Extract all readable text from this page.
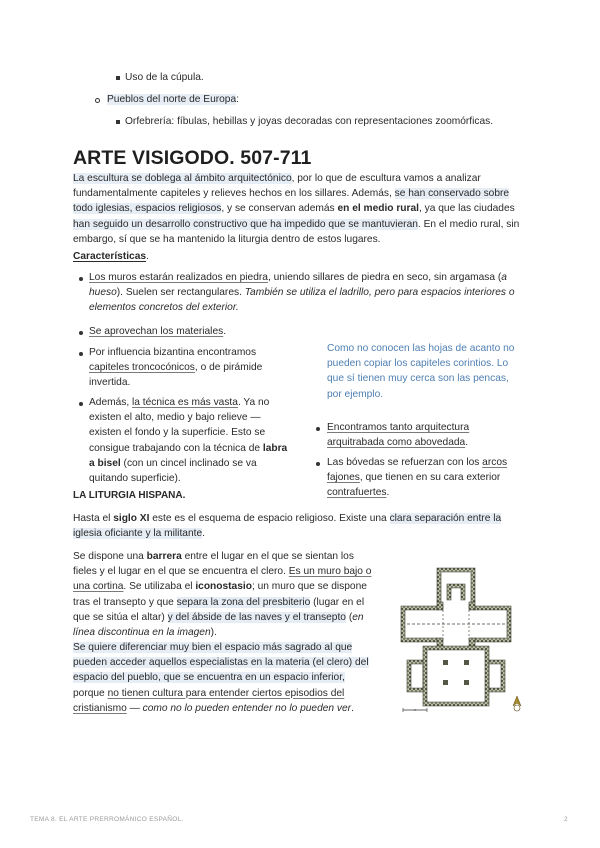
Uso de la cúpula.
Pueblos del norte de Europa:
Orfebrería: fíbulas, hebillas y joyas decoradas con representaciones zoomórficas.
ARTE VISIGODO. 507-711
La escultura se doblega al ámbito arquitectónico, por lo que de escultura vamos a analizar
fundamentalmente capiteles y relieves hechos en los sillares. Además, se han conservado sobre
todo iglesias, espacios religiosos, y se conservan además en el medio rural, ya que las ciudades
han seguido un desarrollo constructivo que ha impedido que se mantuvieran. En el medio rural, sin
embargo, sí que se ha mantenido la liturgia dentro de estos lugares.
Características.
Los muros estarán realizados en piedra, uniendo sillares de piedra en seco, sin argamasa (a
hueso). Suelen ser rectangulares. También se utiliza el ladrillo, pero para espacios interiores o
elementos concretos del exterior.
Se aprovechan los materiales.
Por influencia bizantina encontramos
capiteles troncocónicos, o de pirámide
invertida.
Además, la técnica es más vasta. Ya no
existen el alto, medio y bajo relieve —
existen el fondo y la superficie. Esto se
consigue trabajando con la técnica de labra
a bisel (con un cincel inclinado se va
quitando superficie).
Como no conocen las hojas de acanto no
pueden copiar los capiteles corintios. Lo
que sí tienen muy cerca son las pencas,
por ejemplo.
Encontramos tanto arquitectura
arquitrabada como abovedada.
Las bóvedas se refuerzan con los arcos
fajones, que tienen en su cara exterior
contrafuertes.
LA LITURGIA HISPANA.
Hasta el siglo XI este es el esquema de espacio religioso. Existe una clara separación entre la
iglesia oficiante y la militante.
Se dispone una barrera entre el lugar en el que se sientan los
fieles y el lugar en el que se encuentra el clero. Es un muro bajo o
una cortina. Se utilizaba el iconostasio; un muro que se dispone
tras el transepto y que separa la zona del presbiterio (lugar en el
que se sitúa el altar) y del ábside de las naves y el transepto (en
línea discontinua en la imagen).
Se quiere diferenciar muy bien el espacio más sagrado al que
pueden acceder aquellos especialistas en la materia (el clero) del
espacio del pueblo, que se encuentra en un espacio inferior,
porque no tienen cultura para entender ciertos episodios del
cristianismo — como no lo pueden entender no lo pueden ver.
TEMA 8. EL ARTE PRERROMÁNICO ESPAÑOL.	2
